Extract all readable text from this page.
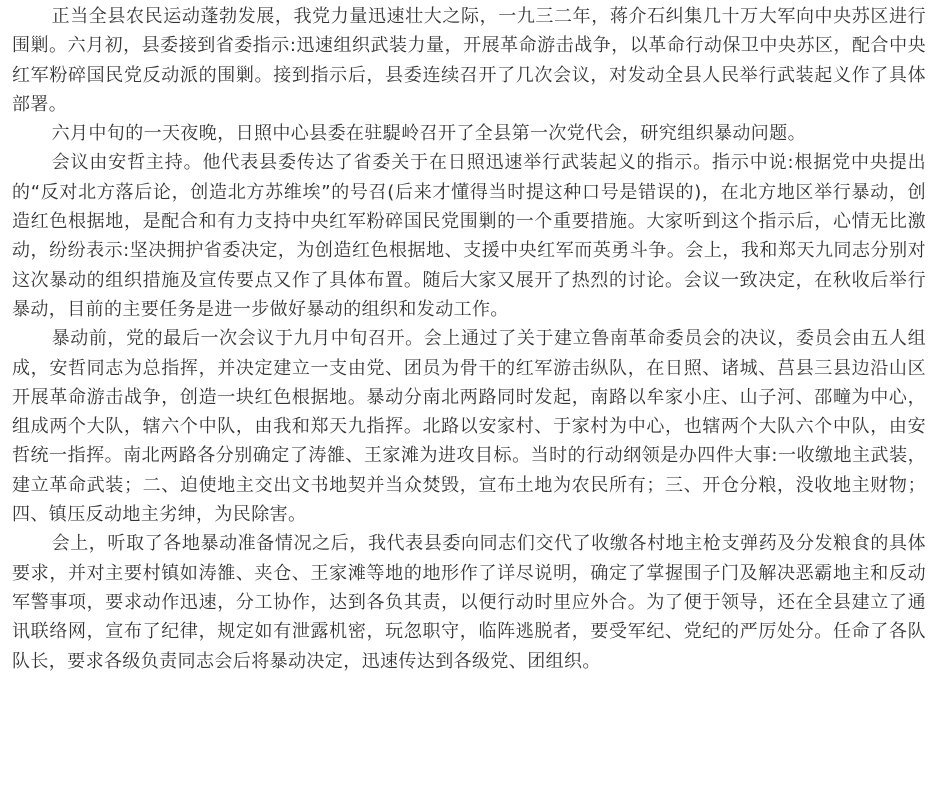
正当全县农民运动蓬勃发展，我党力量迅速壮大之际，一九三二年，蒋介石纠集几十万大军向中央苏区进行围剿。六月初，县委接到省委指示:迅速组织武装力量，开展革命游击战争，以革命行动保卫中央苏区，配合中央红军粉碎国民党反动派的围剿。接到指示后，县委连续召开了几次会议，对发动全县人民举行武装起义作了具体部署。

六月中旬的一天夜晚，日照中心县委在驻騠岭召开了全县第一次党代会，研究组织暴动问题。

会议由安哲主持。他代表县委传达了省委关于在日照迅速举行武装起义的指示。指示中说:根据党中央提出的“反对北方落后论，创造北方苏维埃”的号召(后来才懂得当时提这种口号是错误的)，在北方地区举行暴动，创造红色根据地，是配合和有力支持中央红军粉碎国民党围剿的一个重要措施。大家听到这个指示后，心情无比激动，纷纷表示:坚决拥护省委决定，为创造红色根据地、支援中央红军而英勇斗争。会上，我和郑天九同志分别对这次暴动的组织措施及宣传要点又作了具体布置。随后大家又展开了热烈的讨论。会议一致决定，在秋收后举行暴动，目前的主要任务是进一步做好暴动的组织和发动工作。

暴动前，党的最后一次会议于九月中旬召开。会上通过了关于建立鲁南革命委员会的决议，委员会由五人组成，安哲同志为总指挥，并决定建立一支由党、团员为骨干的红军游击纵队，在日照、诸城、莒县三县边沿山区开展革命游击战争，创造一块红色根据地。暴动分南北两路同时发起，南路以牟家小庄、山子河、邵疃为中心，组成两个大队，辖六个中队，由我和郑天九指挥。北路以安家村、于家村为中心，也辖两个大队六个中队，由安哲统一指挥。南北两路各分别确定了涛雒、王家滩为进攻目标。当时的行动纲领是办四件大事:一收缴地主武装，建立革命武装；二、迫使地主交出文书地契并当众焚毁，宣布土地为农民所有；三、开仓分粮，没收地主财物；四、镇压反动地主劣绅，为民除害。

会上，听取了各地暴动准备情况之后，我代表县委向同志们交代了收缴各村地主枪支弹药及分发粮食的具体要求，并对主要村镇如涛雒、夹仓、王家滩等地的地形作了详尽说明，确定了掌握围子门及解决恶霸地主和反动军警事项，要求动作迅速，分工协作，达到各负其责，以便行动时里应外合。为了便于领导，还在全县建立了通讯联络网，宣布了纪律，规定如有泄露机密，玩忽职守，临阵逃脱者，要受军纪、党纪的严厉处分。任命了各队队长，要求各级负责同志会后将暴动决定，迅速传达到各级党、团组织。
